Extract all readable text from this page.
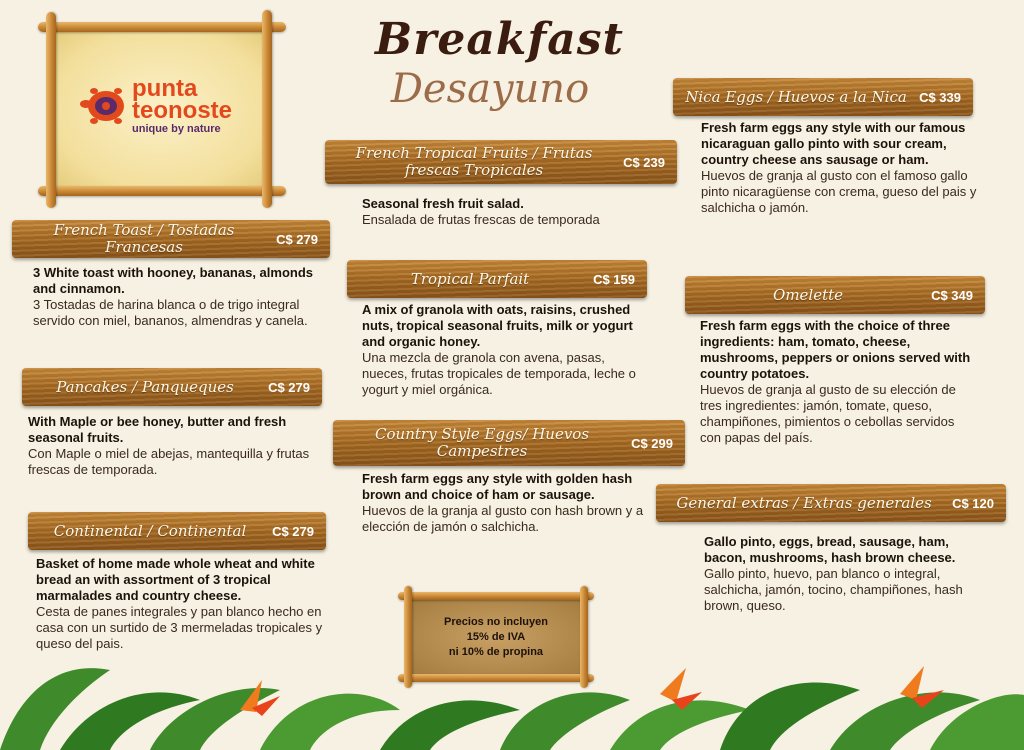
punta
teonoste
unique by nature
Breakfast
Desayuno
French Toast / Tostadas Francesas	C$ 279
3 White toast with hooney, bananas, almonds and cinnamon.
3 Tostadas de harina blanca o de trigo integral servido con miel, bananos, almendras y canela.
Pancakes / Panqueques	C$ 279
With Maple or bee honey, butter and fresh seasonal fruits.
Con Maple o miel de abejas, mantequilla y frutas frescas de temporada.
Continental / Continental	C$ 279
Basket of home made whole wheat and white bread an with assortment of 3 tropical marmalades and country cheese.
Cesta de panes integrales y pan blanco hecho en casa con un surtido de 3 mermeladas tropicales y queso del pais.
French Tropical Fruits / Frutas frescas Tropicales	C$ 239
Seasonal fresh fruit salad.
Ensalada de frutas frescas de temporada
Tropical Parfait	C$ 159
A mix of granola with oats, raisins, crushed nuts, tropical seasonal fruits, milk or yogurt and organic honey.
Una mezcla de granola con avena, pasas, nueces, frutas tropicales de temporada, leche o yogurt y miel orgánica.
Country Style Eggs/ Huevos Campestres	C$ 299
Fresh farm eggs any style with golden hash brown and choice of ham or sausage.
Huevos de la granja al gusto con hash brown y a elección de jamón o salchicha.
Precios no incluyen
15% de IVA
ni 10% de propina
Nica Eggs / Huevos a la Nica C$ 339
Fresh farm eggs any style with our famous nicaraguan gallo pinto with sour cream, country cheese ans sausage or ham.
Huevos de granja al gusto con el famoso gallo pinto nicaragüense con crema, gueso del pais y salchicha o jamón.
Omelette	C$ 349
Fresh farm eggs with the choice of three ingredients: ham, tomato, cheese, mushrooms, peppers or onions served with country potatoes.
Huevos de granja al gusto de su elección de tres ingredientes: jamón, tomate, queso, champiñones, pimientos o cebollas servidos con papas del país.
General extras / Extras generales	C$ 120
Gallo pinto, eggs, bread, sausage, ham, bacon, mushrooms, hash brown cheese.
Gallo pinto, huevo, pan blanco o integral, salchicha, jamón, tocino, champiñones, hash brown, queso.
